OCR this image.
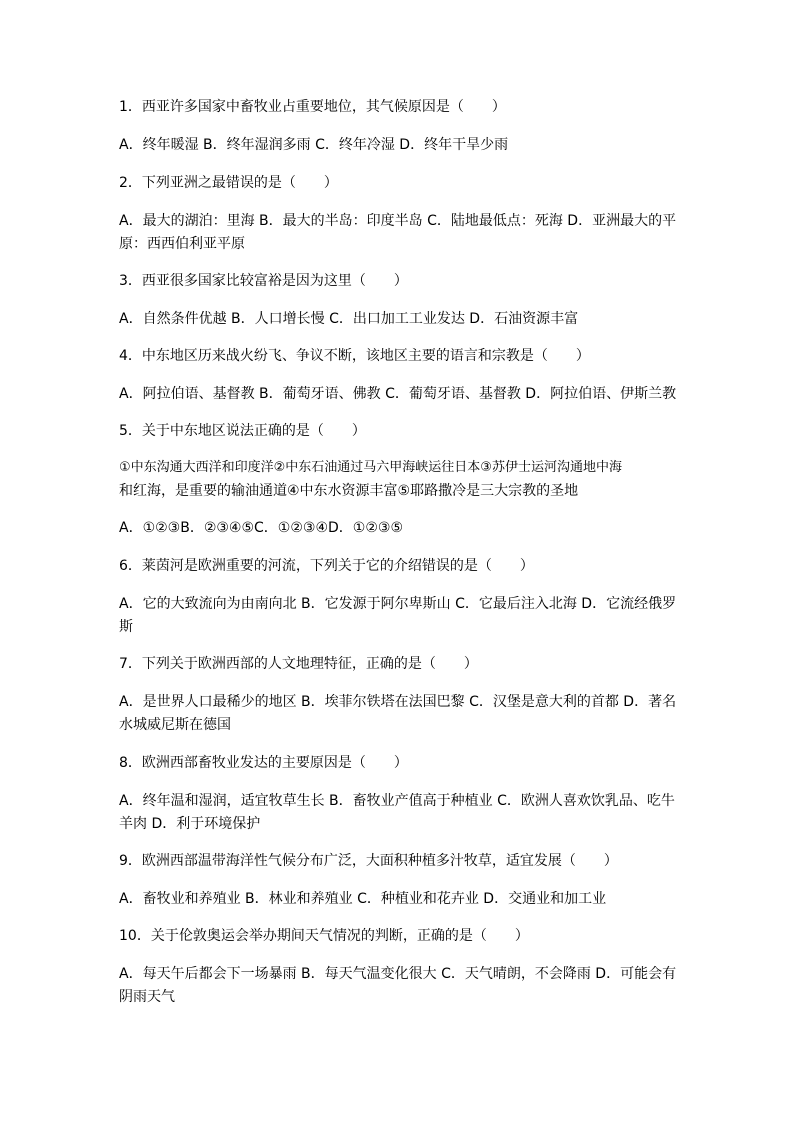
1．西亚许多国家中畜牧业占重要地位，其气候原因是（　　）
A．终年暖湿 B．终年湿润多雨 C．终年冷湿 D．终年干旱少雨
2．下列亚洲之最错误的是（　　）
A．最大的湖泊：里海 B．最大的半岛：印度半岛 C．陆地最低点：死海 D．亚洲最大的平
原：西西伯利亚平原
3．西亚很多国家比较富裕是因为这里（　　）
A．自然条件优越 B．人口增长慢 C．出口加工工业发达 D．石油资源丰富
4．中东地区历来战火纷飞、争议不断，该地区主要的语言和宗教是（　　）
A．阿拉伯语、基督教 B．葡萄牙语、佛教 C．葡萄牙语、基督教 D．阿拉伯语、伊斯兰教
5．关于中东地区说法正确的是（　　）
①中东沟通大西洋和印度洋②中东石油通过马六甲海峡运往日本③苏伊士运河沟通地中海
和红海，是重要的输油通道④中东水资源丰富⑤耶路撒冷是三大宗教的圣地
A．①②③B．②③④⑤C．①②③④D．①②③⑤
6．莱茵河是欧洲重要的河流，下列关于它的介绍错误的是（　　）
A．它的大致流向为由南向北 B．它发源于阿尔卑斯山 C．它最后注入北海 D．它流经俄罗
斯
7．下列关于欧洲西部的人文地理特征，正确的是（　　）
A．是世界人口最稀少的地区 B．埃菲尔铁塔在法国巴黎 C．汉堡是意大利的首都 D．著名
水城威尼斯在德国
8．欧洲西部畜牧业发达的主要原因是（　　）
A．终年温和湿润，适宜牧草生长 B．畜牧业产值高于种植业 C．欧洲人喜欢饮乳品、吃牛
羊肉 D．利于环境保护
9．欧洲西部温带海洋性气候分布广泛，大面积种植多汁牧草，适宜发展（　　）
A．畜牧业和养殖业 B．林业和养殖业 C．种植业和花卉业 D．交通业和加工业
10．关于伦敦奥运会举办期间天气情况的判断，正确的是（　　）
A．每天午后都会下一场暴雨 B．每天气温变化很大 C．天气晴朗，不会降雨 D．可能会有
阴雨天气
